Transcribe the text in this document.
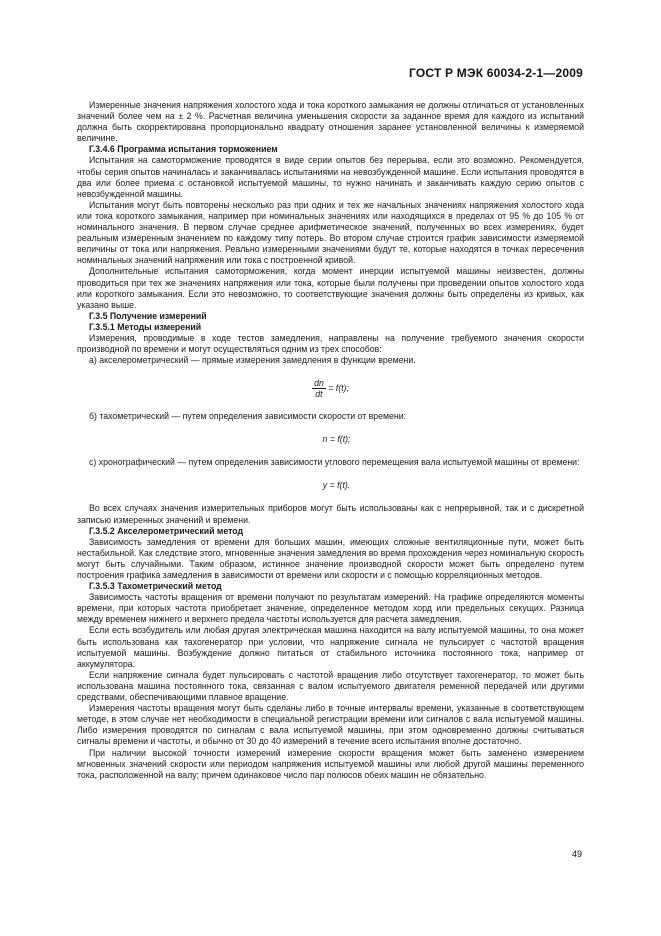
ГОСТ Р МЭК 60034-2-1—2009

Измеренные значения напряжения холостого хода и тока короткого замыкания не должны отличаться от установленных значений более чем на ± 2 %. Расчетная величина уменьшения скорости за заданное время для каждого из испытаний должна быть скорректирована пропорционально квадрату отношения заранее установленной величины к измеряемой величине.

Г.3.4.6 Программа испытания торможением

Испытания на самоторможение проводятся в виде серии опытов без перерыва, если это возможно. Рекомендуется, чтобы серия опытов начиналась и заканчивалась испытаниями на невозбужденной машине. Если испытания проводятся в два или более приема с остановкой испытуемой машины, то нужно начинать и заканчивать каждую серию опытов с невозбужденной машины.

Испытания могут быть повторены несколько раз при одних и тех же начальных значениях напряжения холостого хода или тока короткого замыкания, например при номинальных значениях или находящихся в пределах от 95 % до 105 % от номинального значения. В первом случае среднее арифметическое значений, полученных во всех измерениях, будет реальным измеренным значением по каждому типу потерь. Во втором случае строится график зависимости измеряемой величины от тока или напряжения. Реально измеренными значениями будут те, которые находятся в точках пересечения номинальных значений напряжения или тока с построенной кривой.

Дополнительные испытания самоторможения, когда момент инерции испытуемой машины неизвестен, должны проводиться при тех же значениях напряжения или тока, которые были получены при проведении опытов холостого хода или короткого замыкания. Если это невозможно, то соответствующие значения должны быть определены из кривых, как указано выше.

Г.3.5 Получение измерений

Г.3.5.1 Методы измерений

Измерения, проводимые в ходе тестов замедления, направлены на получение требуемого значения скорости производной по времени и могут осуществляться одним из трех способов:

а) акселерометрический — прямые измерения замедления в функции времени.

$\frac{dn}{dt} = f(t)$;

б) тахометрический — путем определения зависимости скорости от времени:

n = f(t);

с) хронографический — путем определения зависимости углового перемещения вала испытуемой машины от времени:

y = f(t).

Во всех случаях значения измерительных приборов могут быть использованы как с непрерывной, так и с дискретной записью измеренных значений и времени.

Г.3.5.2 Акселерометрический метод

Зависимость замедления от времени для больших машин, имеющих сложные вентиляционные пути, может быть нестабильной. Как следствие этого, мгновенные значения замедления во время прохождения через номинальную скорость могут быть случайными. Таким образом, истинное значение производной скорости может быть определено путем построения графика замедления в зависимости от времени или скорости и с помощью корреляционных методов.

Г.3.5.3 Тахометрический метод

Зависимость частоты вращения от времени получают по результатам измерений. На графике определяются моменты времени, при которых частота приобретает значение, определенное методом хорд или предельных секущих. Разница между временем нижнего и верхнего предела частоты используется для расчета замедления.

Если есть возбудитель или любая другая электрическая машина находится на валу испытуемой машины, то она может быть использована как тахогенератор при условии, что напряжение сигнала не пульсирует с частотой вращения испытуемой машины. Возбуждение должно питаться от стабильного источника постоянного тока, например от аккумулятора.

Если напряжение сигнала будет пульсировать с частотой вращения либо отсутствует тахогенератор, то может быть использована машина постоянного тока, связанная с валом испытуемого двигателя ременной передачей или другими средствами, обеспечивающими плавное вращение.

Измерения частоты вращения могут быть сделаны либо в точные интервалы времени, указанные в соответствующем методе, в этом случае нет необходимости в специальной регистрации времени или сигналов с вала испытуемой машины. Либо измерения проводятся по сигналам с вала испытуемой машины, при этом одновременно должны считываться сигналы времени и частоты, и обычно от 30 до 40 измерений в течение всего испытания вполне достаточно.

При наличии высокой точности измерений измерение скорости вращения может быть заменено измерением мгновенных значений скорости или периодом напряжения испытуемой машины или любой другой машины переменного тока, расположенной на валу; причем одинаковое число пар полюсов обеих машин не обязательно.

49
